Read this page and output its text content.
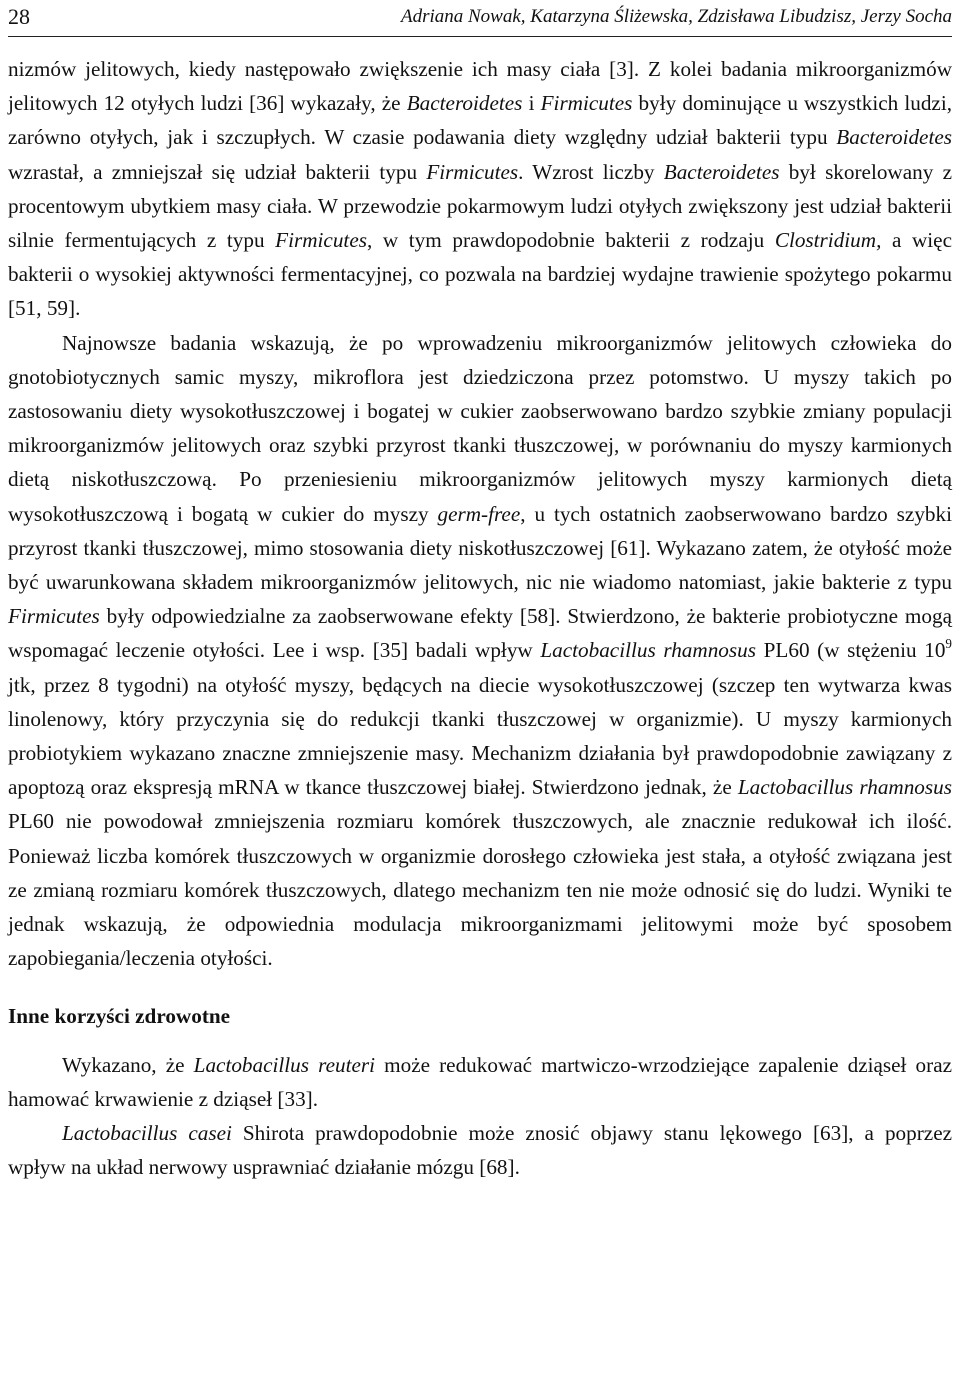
28	Adriana Nowak, Katarzyna Śliżewska, Zdzisława Libudzisz, Jerzy Socha

nizmów jelitowych, kiedy następowało zwiększenie ich masy ciała [3]. Z kolei badania mikroorganizmów jelitowych 12 otyłych ludzi [36] wykazały, że Bacteroidetes i Firmicutes były dominujące u wszystkich ludzi, zarówno otyłych, jak i szczupłych. W czasie podawania diety względny udział bakterii typu Bacteroidetes wzrastał, a zmniejszał się udział bakterii typu Firmicutes. Wzrost liczby Bacteroidetes był skorelowany z procentowym ubytkiem masy ciała. W przewodzie pokarmowym ludzi otyłych zwiększony jest udział bakterii silnie fermentujących z typu Firmicutes, w tym prawdopodobnie bakterii z rodzaju Clostridium, a więc bakterii o wysokiej aktywności fermentacyjnej, co pozwala na bardziej wydajne trawienie spożytego pokarmu [51, 59].

Najnowsze badania wskazują, że po wprowadzeniu mikroorganizmów jelitowych człowieka do gnotobiotycznych samic myszy, mikroflora jest dziedziczona przez potomstwo. U myszy takich po zastosowaniu diety wysokotłuszczowej i bogatej w cukier zaobserwowano bardzo szybkie zmiany populacji mikroorganizmów jelitowych oraz szybki przyrost tkanki tłuszczowej, w porównaniu do myszy karmionych dietą niskotłuszczową. Po przeniesieniu mikroorganizmów jelitowych myszy karmionych dietą wysokotłuszczową i bogatą w cukier do myszy germ-free, u tych ostatnich zaobserwowano bardzo szybki przyrost tkanki tłuszczowej, mimo stosowania diety niskotłuszczowej [61]. Wykazano zatem, że otyłość może być uwarunkowana składem mikroorganizmów jelitowych, nic nie wiadomo natomiast, jakie bakterie z typu Firmicutes były odpowiedzialne za zaobserwowane efekty [58]. Stwierdzono, że bakterie probiotyczne mogą wspomagać leczenie otyłości. Lee i wsp. [35] badali wpływ Lactobacillus rhamnosus PL60 (w stężeniu $10^9$ jtk, przez 8 tygodni) na otyłość myszy, będących na diecie wysokotłuszczowej (szczep ten wytwarza kwas linolenowy, który przyczynia się do redukcji tkanki tłuszczowej w organizmie). U myszy karmionych probiotykiem wykazano znaczne zmniejszenie masy. Mechanizm działania był prawdopodobnie zawiązany z apoptozą oraz ekspresją mRNA w tkance tłuszczowej białej. Stwierdzono jednak, że Lactobacillus rhamnosus PL60 nie powodował zmniejszenia rozmiaru komórek tłuszczowych, ale znacznie redukował ich ilość. Ponieważ liczba komórek tłuszczowych w organizmie dorosłego człowieka jest stała, a otyłość związana jest ze zmianą rozmiaru komórek tłuszczowych, dlatego mechanizm ten nie może odnosić się do ludzi. Wyniki te jednak wskazują, że odpowiednia modulacja mikroorganizmami jelitowymi może być sposobem zapobiegania/leczenia otyłości.

Inne korzyści zdrowotne

Wykazano, że Lactobacillus reuteri może redukować martwiczo-wrzodziejące zapalenie dziąseł oraz hamować krwawienie z dziąseł [33].

Lactobacillus casei Shirota prawdopodobnie może znosić objawy stanu lękowego [63], a poprzez wpływ na układ nerwowy usprawniać działanie mózgu [68].
